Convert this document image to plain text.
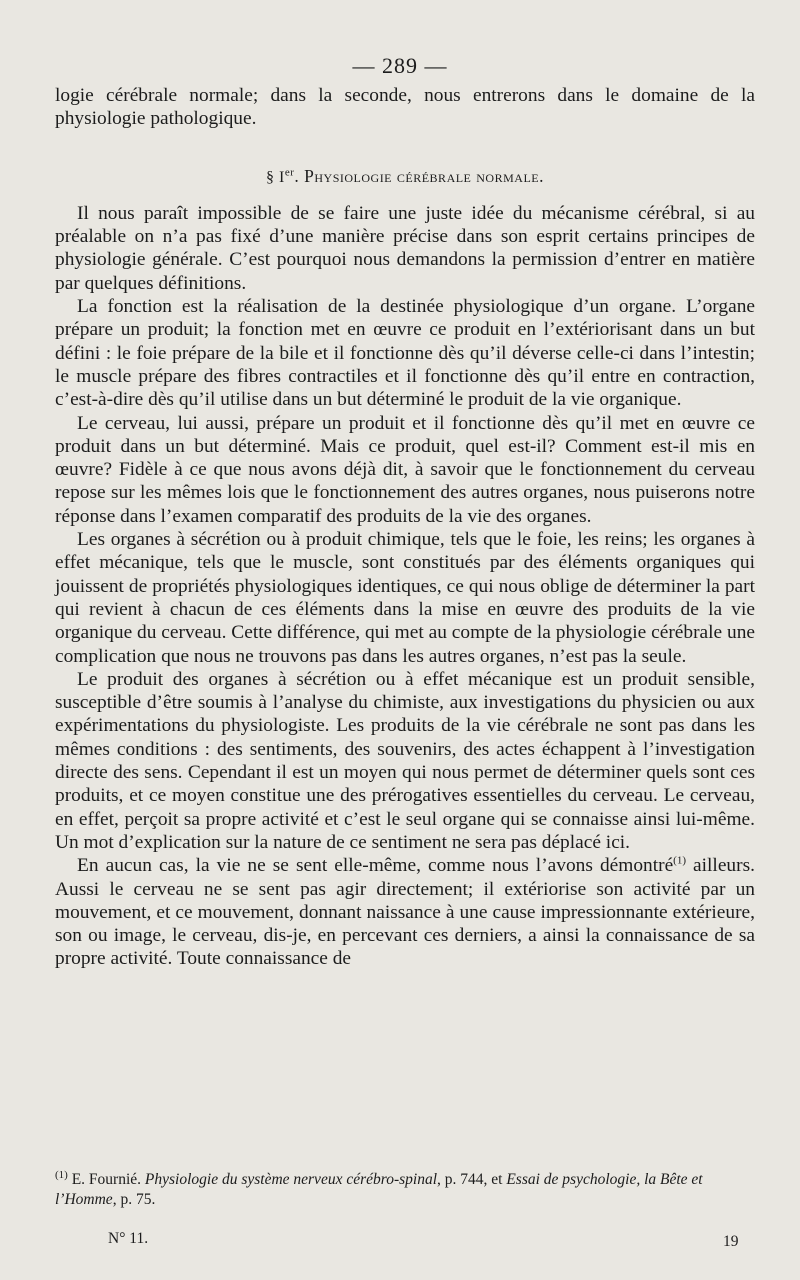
— 289 —

logie cérébrale normale; dans la seconde, nous entrerons dans le domaine de la physiologie pathologique.

§ Ier. Physiologie cérébrale normale.

Il nous paraît impossible de se faire une juste idée du mécanisme cérébral, si au préalable on n’a pas fixé d’une manière précise dans son esprit certains principes de physiologie générale. C’est pourquoi nous demandons la permission d’entrer en matière par quelques définitions.

La fonction est la réalisation de la destinée physiologique d’un organe. L’organe prépare un produit; la fonction met en œuvre ce produit en l’extériorisant dans un but défini : le foie prépare de la bile et il fonctionne dès qu’il déverse celle-ci dans l’intestin; le muscle prépare des fibres contractiles et il fonctionne dès qu’il entre en contraction, c’est-à-dire dès qu’il utilise dans un but déterminé le produit de la vie organique.

Le cerveau, lui aussi, prépare un produit et il fonctionne dès qu’il met en œuvre ce produit dans un but déterminé. Mais ce produit, quel est-il? Comment est-il mis en œuvre? Fidèle à ce que nous avons déjà dit, à savoir que le fonctionnement du cerveau repose sur les mêmes lois que le fonctionnement des autres organes, nous puiserons notre réponse dans l’examen comparatif des produits de la vie des organes.

Les organes à sécrétion ou à produit chimique, tels que le foie, les reins; les organes à effet mécanique, tels que le muscle, sont constitués par des éléments organiques qui jouissent de propriétés physiologiques identiques, ce qui nous oblige de déterminer la part qui revient à chacun de ces éléments dans la mise en œuvre des produits de la vie organique du cerveau. Cette différence, qui met au compte de la physiologie cérébrale une complication que nous ne trouvons pas dans les autres organes, n’est pas la seule.

Le produit des organes à sécrétion ou à effet mécanique est un produit sensible, susceptible d’être soumis à l’analyse du chimiste, aux investigations du physicien ou aux expérimentations du physiologiste. Les produits de la vie cérébrale ne sont pas dans les mêmes conditions : des sentiments, des souvenirs, des actes échappent à l’investigation directe des sens. Cependant il est un moyen qui nous permet de déterminer quels sont ces produits, et ce moyen constitue une des prérogatives essentielles du cerveau. Le cerveau, en effet, perçoit sa propre activité et c’est le seul organe qui se connaisse ainsi lui-même. Un mot d’explication sur la nature de ce sentiment ne sera pas déplacé ici.

En aucun cas, la vie ne se sent elle-même, comme nous l’avons démontré$^{(1)}$ ailleurs. Aussi le cerveau ne se sent pas agir directement; il extériorise son activité par un mouvement, et ce mouvement, donnant naissance à une cause impressionnante extérieure, son ou image, le cerveau, dis-je, en percevant ces derniers, a ainsi la connaissance de sa propre activité. Toute connaissance de

$^{(1)}$ E. Fournié. Physiologie du système nerveux cérébro-spinal, p. 744, et Essai de psychologie, la Bête et l’Homme, p. 75.
N° 11.	19
